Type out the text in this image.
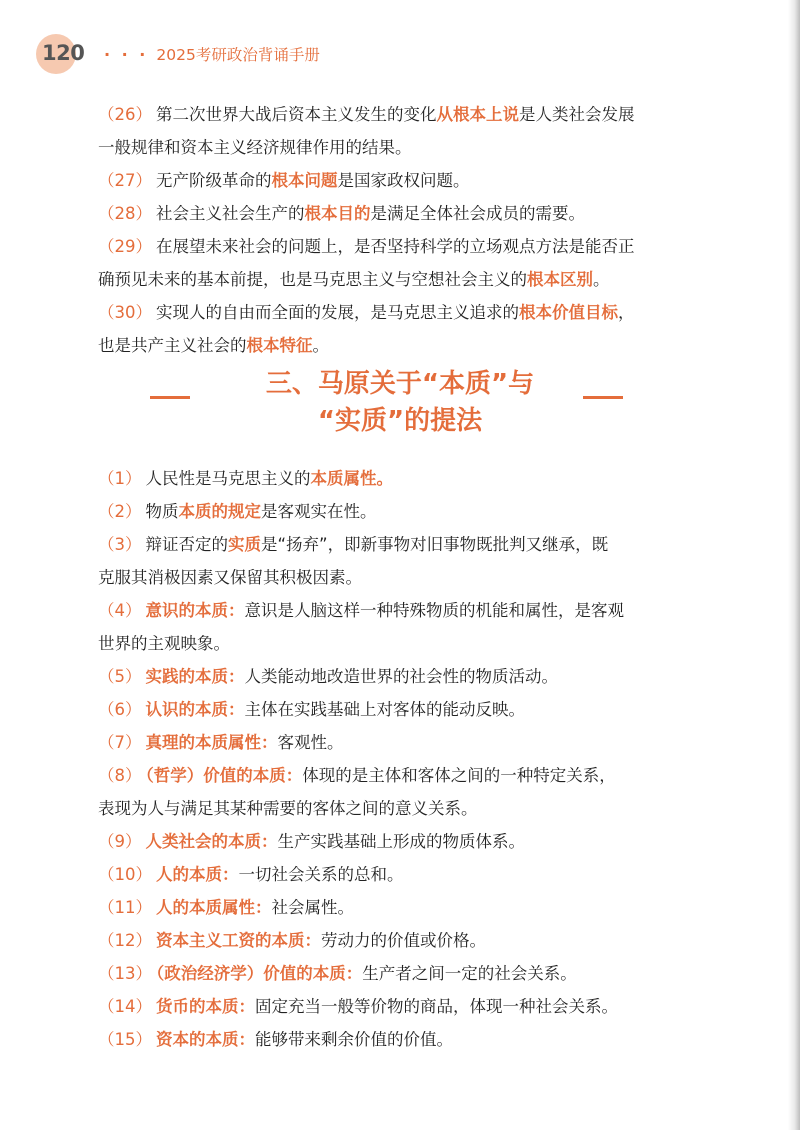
120 · · · 2025考研政治背诵手册
（26） 第二次世界大战后资本主义发生的变化从根本上说是人类社会发展
一般规律和资本主义经济规律作用的结果。
（27） 无产阶级革命的根本问题是国家政权问题。
（28） 社会主义社会生产的根本目的是满足全体社会成员的需要。
（29） 在展望未来社会的问题上，是否坚持科学的立场观点方法是能否正
确预见未来的基本前提，也是马克思主义与空想社会主义的根本区别。
（30） 实现人的自由而全面的发展，是马克思主义追求的根本价值目标，
也是共产主义社会的根本特征。
三、马原关于“本质”与
“实质”的提法
（1） 人民性是马克思主义的本质属性。
（2） 物质本质的规定是客观实在性。
（3） 辩证否定的实质是“扬弃”，即新事物对旧事物既批判又继承，既
克服其消极因素又保留其积极因素。
（4） 意识的本质：意识是人脑这样一种特殊物质的机能和属性，是客观
世界的主观映象。
（5） 实践的本质：人类能动地改造世界的社会性的物质活动。
（6） 认识的本质：主体在实践基础上对客体的能动反映。
（7） 真理的本质属性：客观性。
（8） （哲学）价值的本质：体现的是主体和客体之间的一种特定关系，
表现为人与满足其某种需要的客体之间的意义关系。
（9） 人类社会的本质：生产实践基础上形成的物质体系。
（10） 人的本质：一切社会关系的总和。
（11） 人的本质属性：社会属性。
（12） 资本主义工资的本质：劳动力的价值或价格。
（13） （政治经济学）价值的本质：生产者之间一定的社会关系。
（14） 货币的本质：固定充当一般等价物的商品，体现一种社会关系。
（15） 资本的本质：能够带来剩余价值的价值。
